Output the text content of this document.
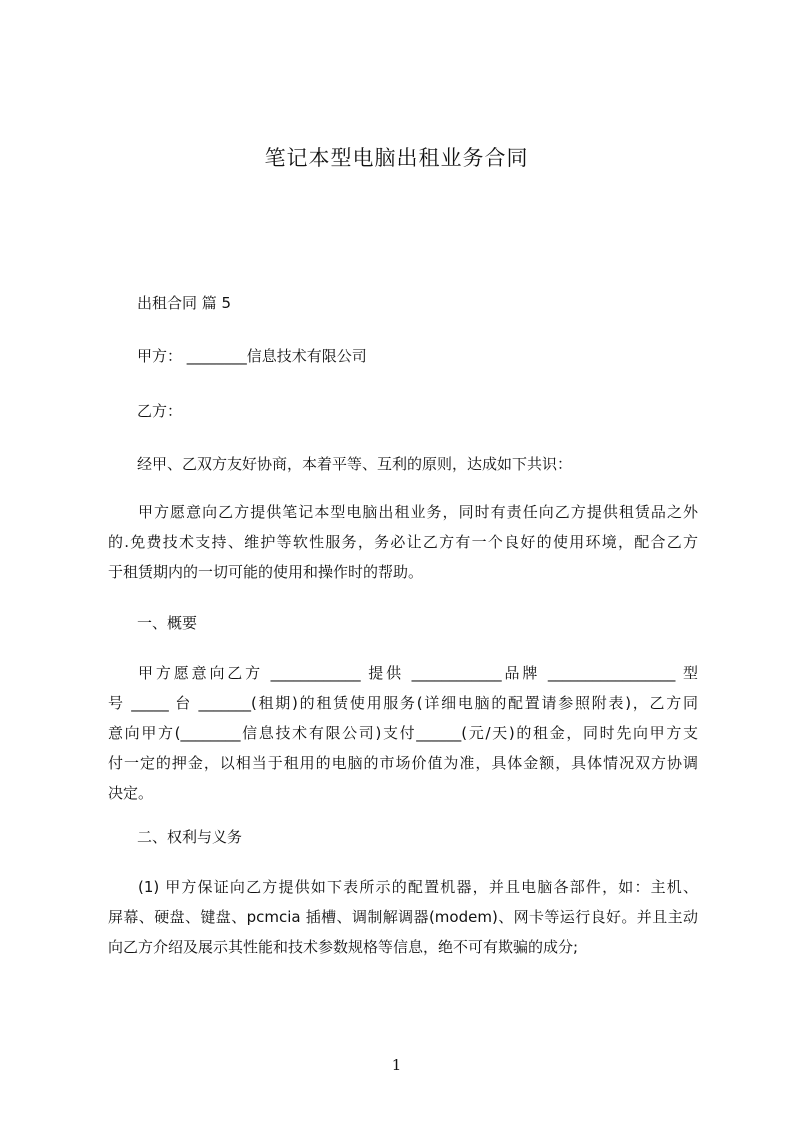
笔记本型电脑出租业务合同
出租合同 篇 5
甲方： ________信息技术有限公司
乙方：
经甲、乙双方友好协商，本着平等、互利的原则，达成如下共识：
甲方愿意向乙方提供笔记本型电脑出租业务，同时有责任向乙方提供租赁品之外
的.免费技术支持、维护等软性服务，务必让乙方有一个良好的使用环境，配合乙方
于租赁期内的一切可能的使用和操作时的帮助。
一、概要
甲方愿意向乙方 ____________ 提供 ____________品牌 _________________ 型
号 _____ 台 _______(租期)的租赁使用服务(详细电脑的配置请参照附表)，乙方同
意向甲方(________信息技术有限公司)支付______(元/天)的租金，同时先向甲方支
付一定的押金，以相当于租用的电脑的市场价值为准，具体金额，具体情况双方协调
决定。
二、权利与义务
(1) 甲方保证向乙方提供如下表所示的配置机器，并且电脑各部件，如：主机、
屏幕、硬盘、键盘、pcmcia 插槽、调制解调器(modem)、网卡等运行良好。并且主动
向乙方介绍及展示其性能和技术参数规格等信息，绝不可有欺骗的成分;
1
